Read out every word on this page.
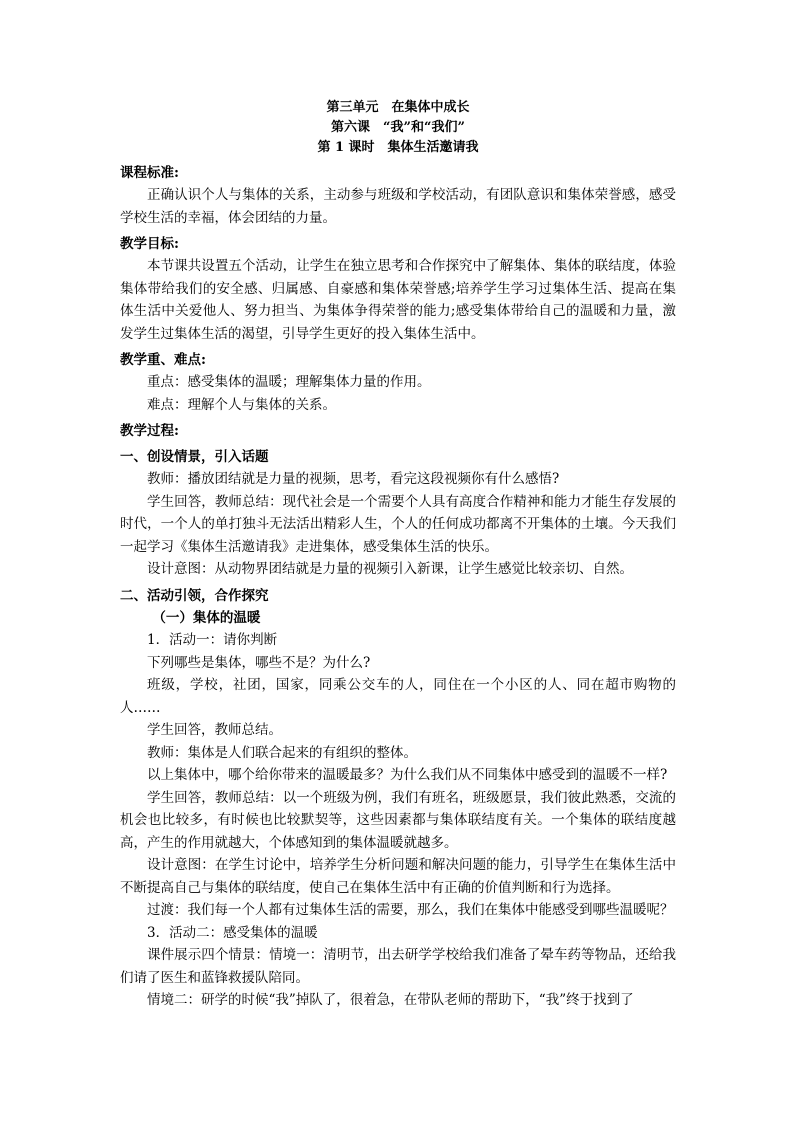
第三单元　在集体中成长
第六课　“我”和“我们”
第 1 课时　集体生活邀请我
课程标准:

正确认识个人与集体的关系，主动参与班级和学校活动，有团队意识和集体荣誉感，感受学校生活的幸福，体会团结的力量。

教学目标:

本节课共设置五个活动，让学生在独立思考和合作探究中了解集体、集体的联结度，体验集体带给我们的安全感、归属感、自豪感和集体荣誉感;培养学生学习过集体生活、提高在集体生活中关爱他人、努力担当、为集体争得荣誉的能力;感受集体带给自己的温暖和力量，激发学生过集体生活的渴望，引导学生更好的投入集体生活中。

教学重、难点:

重点：感受集体的温暖；理解集体力量的作用。

难点：理解个人与集体的关系。

教学过程:
一、创设情景，引入话题

教师：播放团结就是力量的视频，思考，看完这段视频你有什么感悟?

学生回答，教师总结：现代社会是一个需要个人具有高度合作精神和能力才能生存发展的时代，一个人的单打独斗无法活出精彩人生，个人的任何成功都离不开集体的土壤。今天我们一起学习《集体生活邀请我》走进集体，感受集体生活的快乐。

设计意图：从动物界团结就是力量的视频引入新课，让学生感觉比较亲切、自然。

二、活动引领，合作探究
（一）集体的温暖

1．活动一：请你判断

下列哪些是集体，哪些不是？为什么?

班级，学校，社团，国家，同乘公交车的人，同住在一个小区的人、同在超市购物的人……

学生回答，教师总结。

教师：集体是人们联合起来的有组织的整体。

以上集体中，哪个给你带来的温暖最多？为什么我们从不同集体中感受到的温暖不一样?

学生回答，教师总结：以一个班级为例，我们有班名，班级愿景，我们彼此熟悉，交流的机会也比较多，有时候也比较默契等，这些因素都与集体联结度有关。一个集体的联结度越高，产生的作用就越大，个体感知到的集体温暖就越多。

设计意图：在学生讨论中，培养学生分析问题和解决问题的能力，引导学生在集体生活中不断提高自己与集体的联结度，使自己在集体生活中有正确的价值判断和行为选择。

过渡：我们每一个人都有过集体生活的需要，那么，我们在集体中能感受到哪些温暖呢？

3．活动二：感受集体的温暖

课件展示四个情景：情境一：清明节，出去研学学校给我们准备了晕车药等物品，还给我们请了医生和蓝锋救援队陪同。

情境二：研学的时候“我”掉队了，很着急，在带队老师的帮助下，“我”终于找到了
